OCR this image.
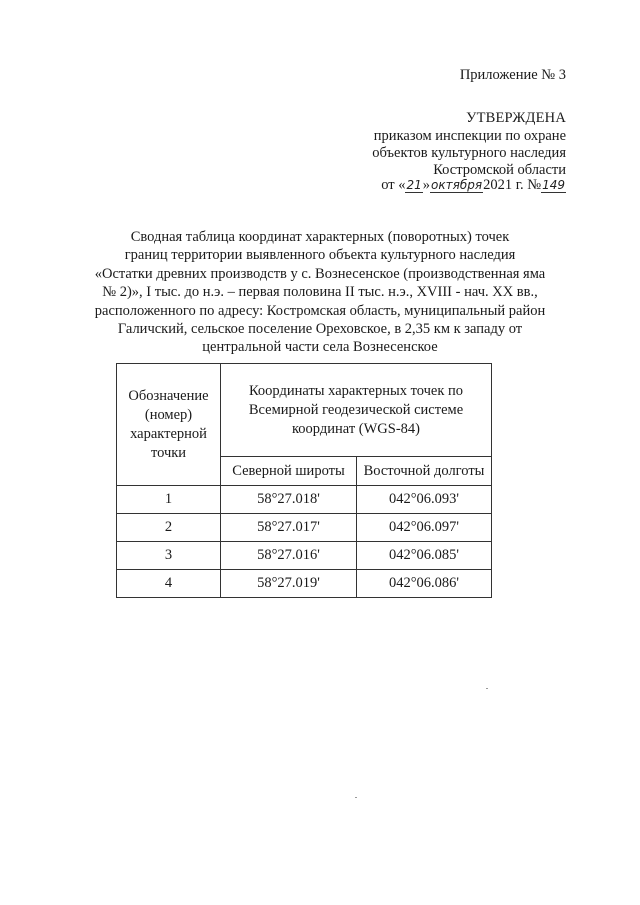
Приложение № 3
УТВЕРЖДЕНА
приказом инспекции по охране
объектов культурного наследия
Костромской области
от «21»октября2021 г. №149
Сводная таблица координат характерных (поворотных) точек
границ территории выявленного объекта культурного наследия
«Остатки древних производств у с. Вознесенское (производственная яма
№ 2)», I тыс. до н.э. – первая половина II тыс. н.э., XVIII - нач. XX вв.,
расположенного по адресу: Костромская область, муниципальный район
Галичский, сельское поселение Ореховское, в 2,35 км к западу от
центральной части села Вознесенское
Обозначение (номер) характерной точки	Координаты характерных точек по Всемирной геодезической системе координат (WGS-84)	
	Северной широты	Восточной долготы
1	58°27.018'	042°06.093'
2	58°27.017'	042°06.097'
3	58°27.016'	042°06.085'
4	58°27.019'	042°06.086'
